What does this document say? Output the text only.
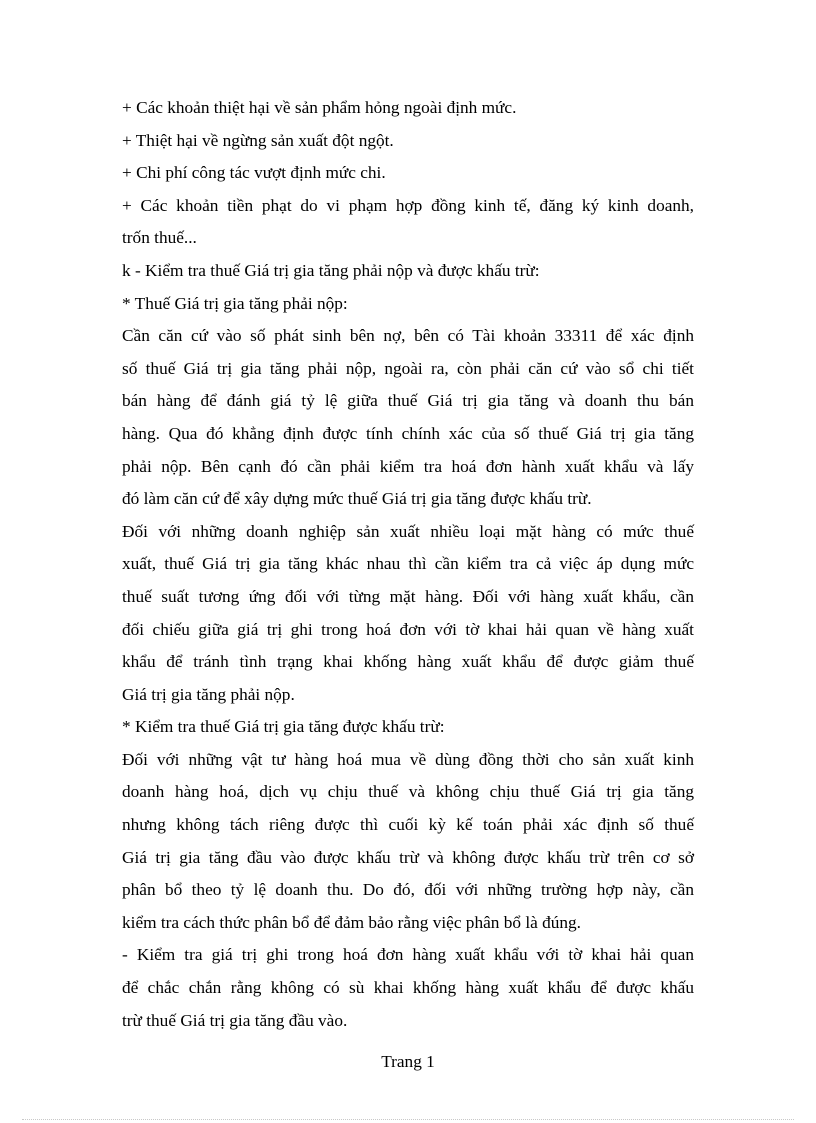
+ Các khoản thiệt hại về sản phẩm hỏng ngoài định mức.
+ Thiệt hại về ngừng sản xuất đột ngột.
+ Chi phí công tác vượt định mức chi.
+ Các khoản tiền phạt do vi phạm hợp đồng kinh tế, đăng ký kinh doanh,
trốn thuế...
k - Kiểm tra thuế Giá trị gia tăng phải nộp và được khấu trừ:
* Thuế Giá trị gia tăng phải nộp:
Cần căn cứ vào số phát sinh bên nợ, bên có Tài khoản 33311 để xác định
số thuế Giá trị gia tăng phải nộp, ngoài ra, còn phải căn cứ vào sổ chi tiết
bán hàng để đánh giá tỷ lệ giữa thuế Giá trị gia tăng và doanh thu bán
hàng. Qua đó khẳng định được tính chính xác của số thuế Giá trị gia tăng
phải nộp. Bên cạnh đó cần phải kiểm tra hoá đơn hành xuất khẩu và lấy
đó làm căn cứ để xây dựng mức thuế Giá trị gia tăng được khấu trừ.
Đối với những doanh nghiệp sản xuất nhiều loại mặt hàng có mức thuế
xuất, thuế Giá trị gia tăng khác nhau thì cần kiểm tra cả việc áp dụng mức
thuế suất tương ứng đối với từng mặt hàng. Đối với hàng xuất khẩu, cần
đối chiếu giữa giá trị ghi trong hoá đơn với tờ khai hải quan về hàng xuất
khẩu để tránh tình trạng khai khống hàng xuất khẩu để được giảm thuế
Giá trị gia tăng phải nộp.
* Kiểm tra thuế Giá trị gia tăng được khấu trừ:
Đối với những vật tư hàng hoá mua về dùng đồng thời cho sản xuất kinh
doanh hàng hoá, dịch vụ chịu thuế và không chịu thuế Giá trị gia tăng
nhưng không tách riêng được thì cuối kỳ kế toán phải xác định số thuế
Giá trị gia tăng đầu vào được khấu trừ và không được khấu trừ trên cơ sở
phân bổ theo tỷ lệ doanh thu. Do đó, đối với những trường hợp này, cần
kiểm tra cách thức phân bổ để đảm bảo rằng việc phân bổ là đúng.
- Kiểm tra giá trị ghi trong hoá đơn hàng xuất khẩu với tờ khai hải quan
để chắc chắn rằng không có sù khai khống hàng xuất khẩu để được khấu
trừ thuế Giá trị gia tăng đầu vào.
Trang 1
